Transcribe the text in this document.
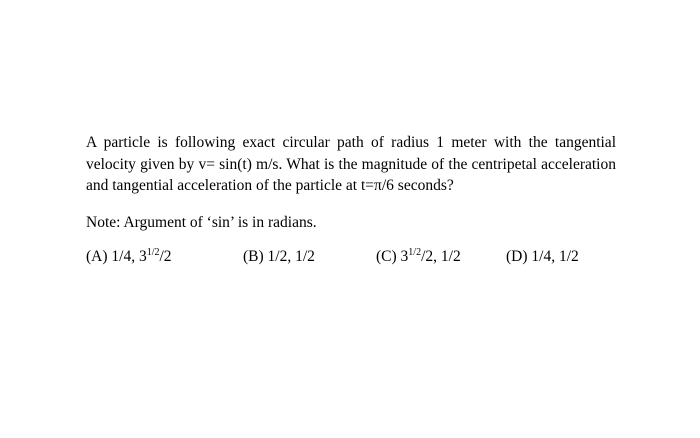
A particle is following exact circular path of radius 1 meter with the tangential
velocity given by v= sin(t) m/s. What is the magnitude of the centripetal acceleration
and tangential acceleration of the particle at t=π/6 seconds?

Note: Argument of ‘sin’ is in radians.

(A) 1/4, $3^{1/2}/2$	(B) 1/2, 1/2	(C) $3^{1/2}/2$, 1/2	(D) 1/4, 1/2
